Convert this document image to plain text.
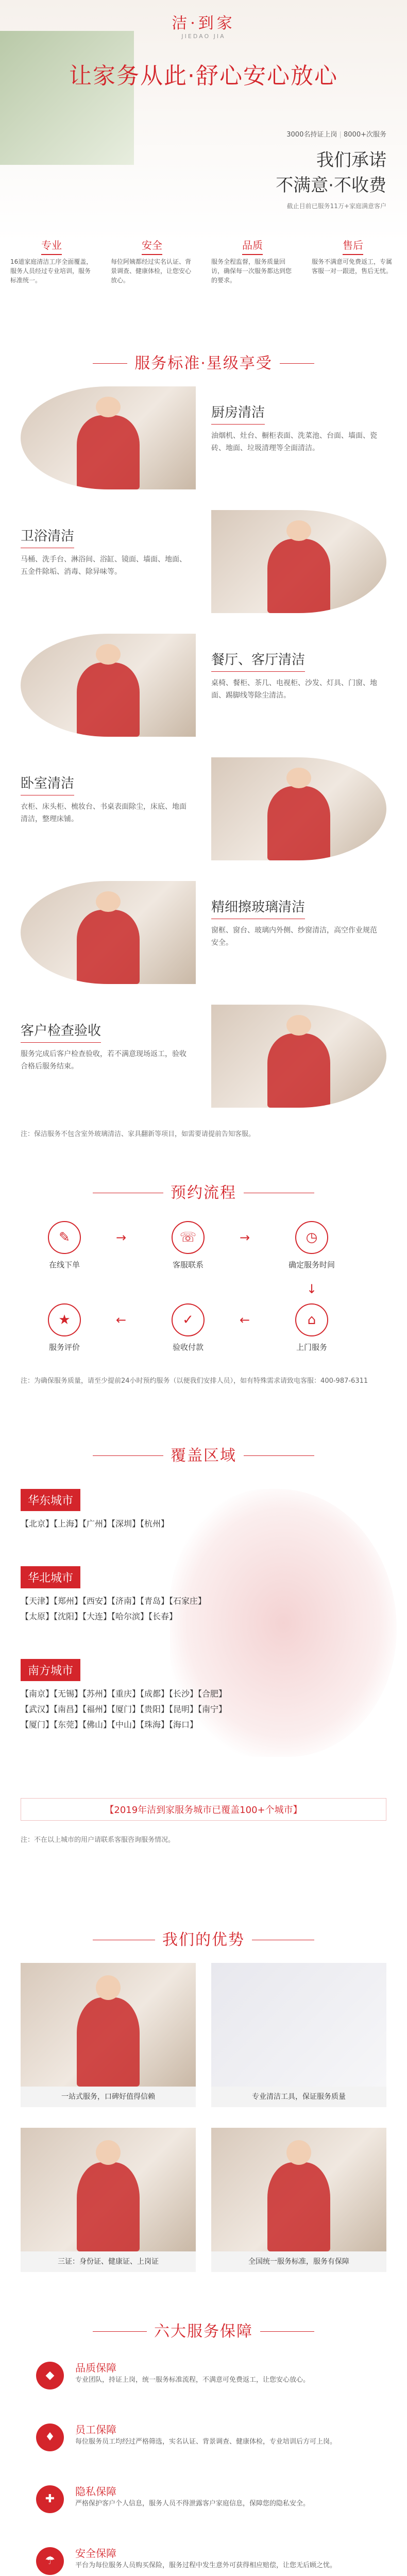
洁·到家
JIEDAO JIA
让家务从此·舒心安心放心
3000名持证上岗 | 8000+次服务
我们承诺
不满意·不收费
截止目前已服务11万+家庭满意客户
专业

16道家庭清洁工序全面覆盖，服务人员经过专业培训，服务标准统一。

安全

每位阿姨都经过实名认证、背景调查、健康体检，让您安心放心。

品质

服务全程监督，服务质量回访，确保每一次服务都达到您的要求。

售后

服务不满意可免费返工，专属客服一对一跟进，售后无忧。

服务标准·星级享受
厨房清洁

油烟机、灶台、橱柜表面、洗菜池、台面、墙面、瓷砖、地面、垃圾清理等全面清洁。

卫浴清洁

马桶、洗手台、淋浴间、浴缸、镜面、墙面、地面、五金件除垢、消毒、除异味等。

餐厅、客厅清洁

桌椅、餐柜、茶几、电视柜、沙发、灯具、门窗、地面、踢脚线等除尘清洁。

卧室清洁

衣柜、床头柜、梳妆台、书桌表面除尘，床底、地面清洁，整理床铺。

精细擦玻璃清洁

窗框、窗台、玻璃内外侧、纱窗清洁，高空作业规范安全。

客户检查验收

服务完成后客户检查验收，若不满意现场返工，验收合格后服务结束。

注：保洁服务不包含室外玻璃清洁、家具翻新等项目，如需要请提前告知客服。
预约流程
✎
在线下单
→	☏
客服联系
→	◷
确定服务时间
↓
⌂
上门服务
←
✓
验收付款
←
★
服务评价
注：为确保服务质量，请至少提前24小时预约服务（以便我们安排人员），如有特殊需求请致电客服：400-987-6311
覆盖区域
华东城市
【北京】【上海】【广州】【深圳】【杭州】
华北城市
【天津】【郑州】【西安】【济南】【青岛】【石家庄】
【太原】【沈阳】【大连】【哈尔滨】【长春】
南方城市
【南京】【无锡】【苏州】【重庆】【成都】【长沙】【合肥】
【武汉】【南昌】【福州】【厦门】【贵阳】【昆明】【南宁】
【厦门】【东莞】【佛山】【中山】【珠海】【海口】
【2019年洁到家服务城市已覆盖100+个城市】
注：不在以上城市的用户请联系客服咨询服务情况。
我们的优势
一站式服务，口碑好值得信赖	专业清洁工具，保证服务质量
三证：身份证、健康证、上岗证	全国统一服务标准，服务有保障
六大服务保障
◆
品质保障

专业团队，持证上岗，统一服务标准流程，不满意可免费返工，让您安心放心。

♦
员工保障

每位服务员工均经过严格筛选，实名认证、背景调查、健康体检，专业培训后方可上岗。

✚
隐私保障

严格保护客户个人信息，服务人员不得泄露客户家庭信息，保障您的隐私安全。

☂
安全保障

平台为每位服务人员购买保险，服务过程中发生意外可获得相应赔偿，让您无后顾之忧。
